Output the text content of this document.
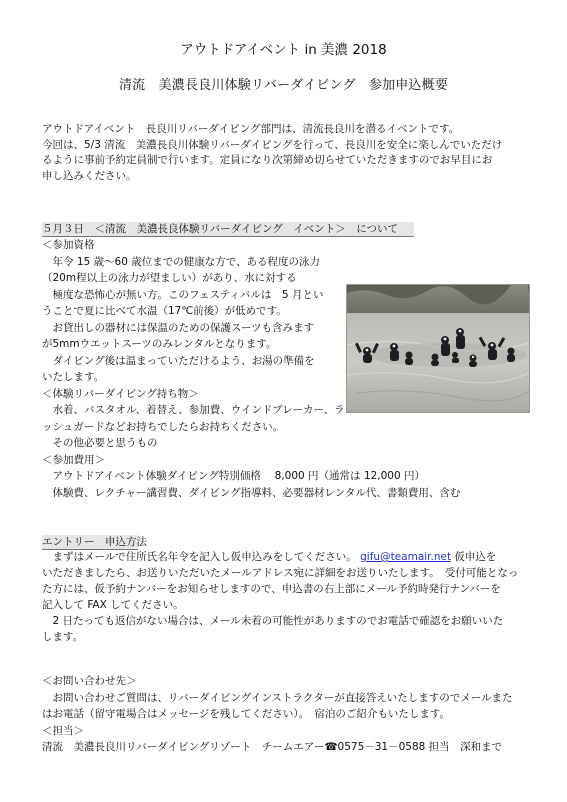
アウトドアイベント in 美濃 2018
清流　美濃長良川体験リバーダイビング　参加申込概要
アウトドアイベント　長良川リバーダイビング部門は、清流長良川を潜るイベントです。
今回は、5/3 清流　美濃長良川体験リバーダイビングを行って、長良川を安全に楽しんでいただけ
るように事前予約定員制で行います。定員になり次第締め切らせていただきますのでお早目にお
申し込みください。
５月３日　＜清流　美濃長良体験リバーダイビング　イベント＞　について
＜参加資格
　年令 15 歳～60 歳位までの健康な方で、ある程度の泳力
（20m程以上の泳力が望ましい）があり、水に対する
　極度な恐怖心が無い方。このフェスティバルは　5 月とい
うことで夏に比べて水温（17℃前後）が低めです。
　お貸出しの器材には保温のための保護スーツも含みます
が5mmウエットスーツのみレンタルとなります。
　ダイビング後は温まっていただけるよう、お湯の準備を
いたします。
＜体験リバーダイビング持ち物＞
　水着、バスタオル、着替え、参加費、ウインドブレーカー、ラ
ッシュガードなどお持ちでしたらお持ちください。
　その他必要と思うもの
＜参加費用＞
　アウトドアイベント体験ダイビング特別価格　 8,000 円（通常は 12,000 円）
　体験費、レクチャー講習費、ダイビング指導料、必要器材レンタル代、書類費用、含む
エントリー　申込方法
　まずはメールで住所氏名年令を記入し仮申込みをしてください。 gifu@teamair.net 仮申込を
いただきましたら、お送りいただいたメールアドレス宛に詳細をお送りいたします。　受付可能となっ
た方には、仮予約ナンバーをお知らせしますので、申込書の右上部にメール予約時発行ナンバーを
記入して FAX してください。
　2 日たっても返信がない場合は、メール未着の可能性がありますのでお電話で確認をお願いいた
します。
＜お問い合わせ先＞
　お問い合わせご質問は、リバーダイビングインストラクターが直接答えいたしますのでメールまた
はお電話（留守電場合はメッセージを残してください）。　宿泊のご紹介もいたします。
＜担当＞
清流　美濃長良川リバーダイビングリゾート　チームエアー☎0575－31－0588 担当　深和まで
